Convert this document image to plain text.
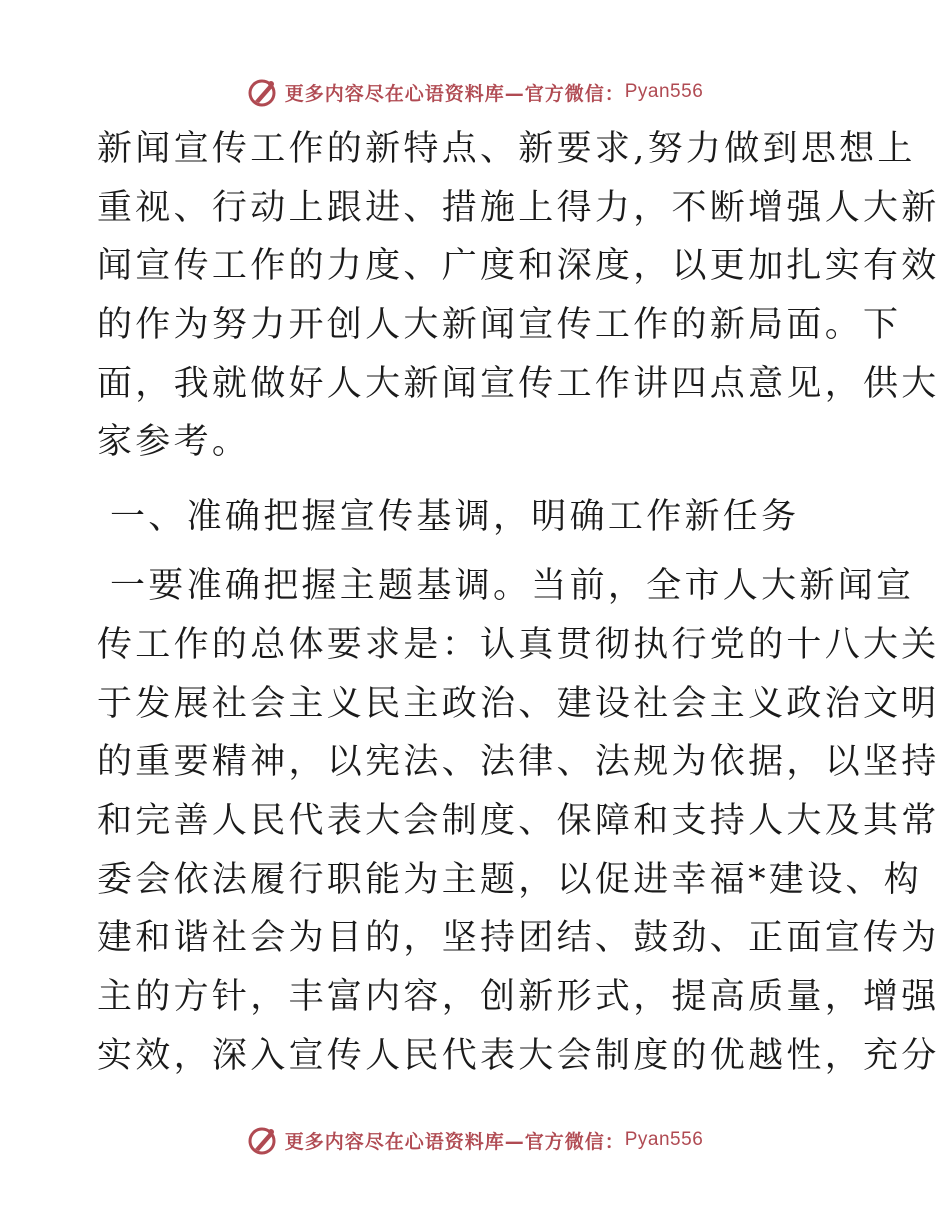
更多内容尽在心语资料库—官方微信： Pyan556
新闻宣传工作的新特点、新要求,努力做到思想上
重视、行动上跟进、措施上得力，不断增强人大新
闻宣传工作的力度、广度和深度，以更加扎实有效
的作为努力开创人大新闻宣传工作的新局面。下
面，我就做好人大新闻宣传工作讲四点意见，供大
家参考。
一、准确把握宣传基调，明确工作新任务
一要准确把握主题基调。当前，全市人大新闻宣
传工作的总体要求是：认真贯彻执行党的十八大关
于发展社会主义民主政治、建设社会主义政治文明
的重要精神，以宪法、法律、法规为依据，以坚持
和完善人民代表大会制度、保障和支持人大及其常
委会依法履行职能为主题，以促进幸福*建设、构
建和谐社会为目的，坚持团结、鼓劲、正面宣传为
主的方针，丰富内容，创新形式，提高质量，增强
实效，深入宣传人民代表大会制度的优越性，充分
更多内容尽在心语资料库—官方微信： Pyan556
